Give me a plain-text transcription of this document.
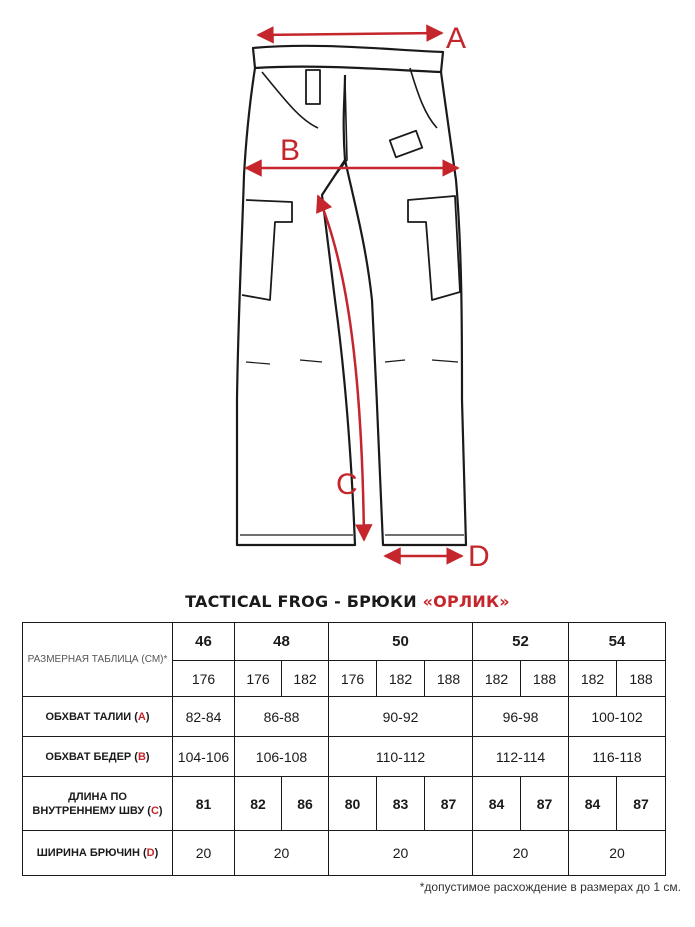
A
B
C
D
TACTICAL FROG - БРЮКИ «ОРЛИК»
РАЗМЕРНАЯ ТАБЛИЦА (СМ)*	46	48		50			52		54	
	176	176	182	176	182	188	182	188	182	188
ОБХВАТ ТАЛИИ (A)	82-84	86-88		90-92			96-98		100-102	
ОБХВАТ БЕДЕР (B)	104-106	106-108		110-112			112-114		116-118	
ДЛИНА ПО
ВНУТРЕННЕМУ ШВУ (C)	81	82	86	80	83	87	84	87	84	87
ШИРИНА БРЮЧИН (D)	20	20		20			20		20	
*допустимое расхождение в размерах до 1 см.
